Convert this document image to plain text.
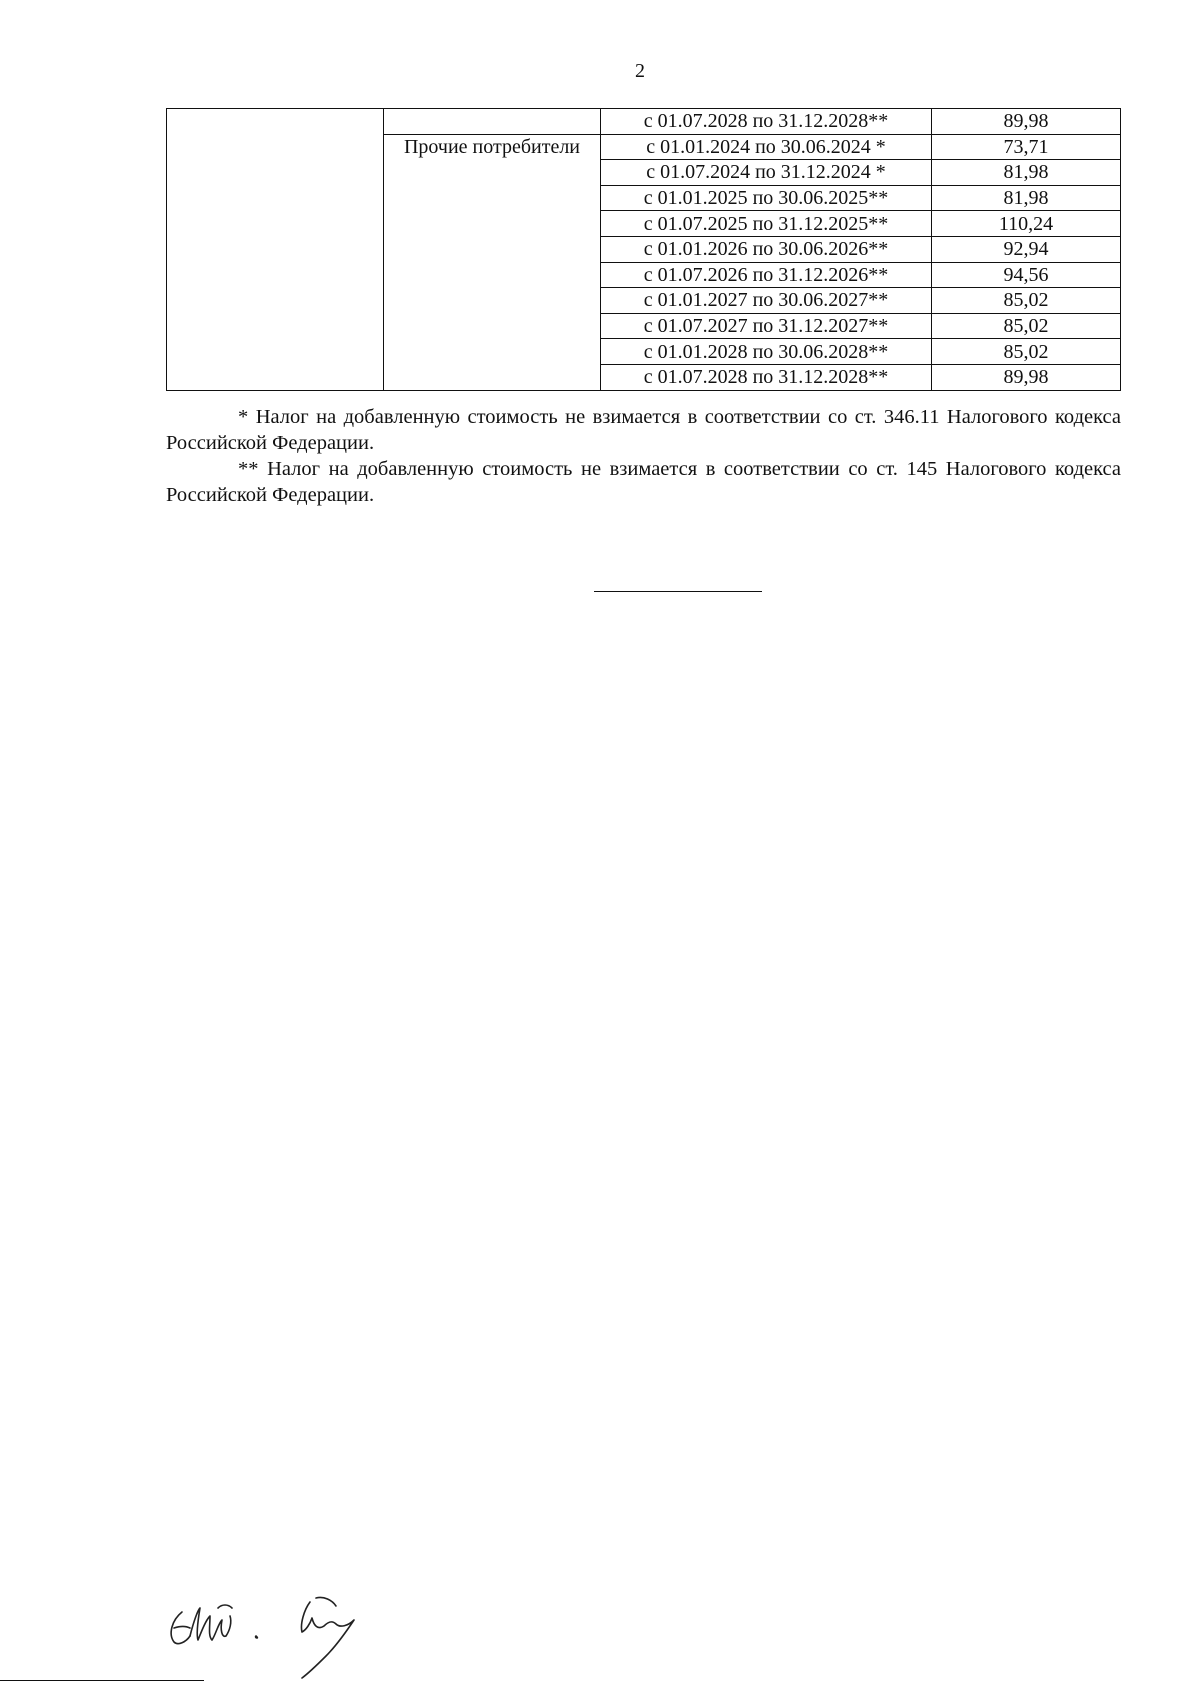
2
		с 01.07.2028 по 31.12.2028**	89,98
	Прочие потребители	с 01.01.2024 по 30.06.2024 *	73,71
		с 01.07.2024 по 31.12.2024 *	81,98
		с 01.01.2025 по 30.06.2025**	81,98
		с 01.07.2025 по 31.12.2025**	110,24
		с 01.01.2026 по 30.06.2026**	92,94
		с 01.07.2026 по 31.12.2026**	94,56
		с 01.01.2027 по 30.06.2027**	85,02
		с 01.07.2027 по 31.12.2027**	85,02
		с 01.01.2028 по 30.06.2028**	85,02
		с 01.07.2028 по 31.12.2028**	89,98

* Налог на добавленную стоимость не взимается в соответствии со ст. 346.11 Налогового кодекса Российской Федерации.

** Налог на добавленную стоимость не взимается в соответствии со ст. 145 Налогового кодекса Российской Федерации.
